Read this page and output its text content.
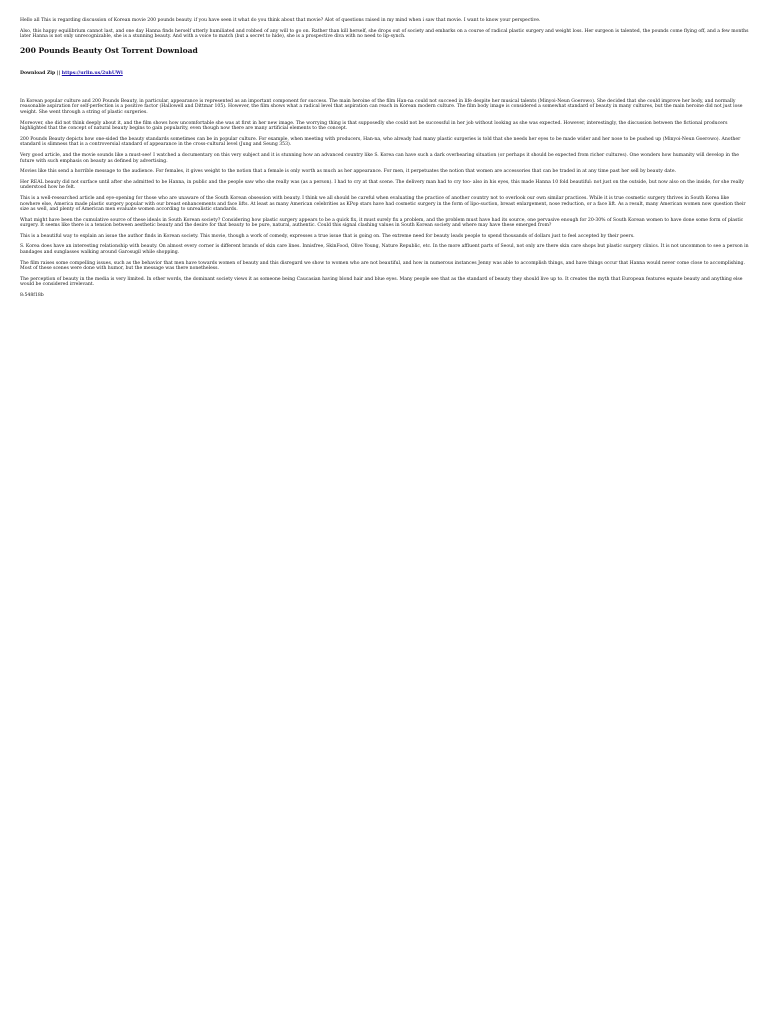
Hello all This is regarding discussion of Korean movie 200 pounds beauty. if you have seen it what do you think about that movie? Alot of questions raised in my mind when i saw that movie. I want to know your perspective.

Also, this happy equilibrium cannot last, and one day Hanna finds herself utterly humiliated and robbed of any will to go on. Rather than kill herself, she drops out of society and embarks on a course of radical plastic surgery and weight loss. Her surgeon is talented, the pounds come flying off, and a few months later Hanna is not only unrecognizable, she is a stunning beauty. And with a voice to match (but a secret to hide), she is a prospective diva with no need to lip-synch.

200 Pounds Beauty Ost Torrent Download
Download Zip || https://urlin.us/2uhUWi

In Korean popular culture and 200 Pounds Beauty, in particular, appearance is represented as an important component for success. The main heroine of the film Han-na could not succeed in life despite her musical talents (Minyoi-Neun Goerowo). She decided that she could improve her body, and normally reasonable aspiration for self-perfection is a positive factor (Hallowell and Dittmar 105). However, the film shows what a radical level that aspiration can reach in Korean modern culture. The film body image is considered a somewhat standard of beauty in many cultures, but the main heroine did not just lose weight. She went through a string of plastic surgeries.

Moreover, she did not think deeply about it, and the film shows how uncomfortable she was at first in her new image. The worrying thing is that supposedly she could not be successful in her job without looking as she was expected. However, interestingly, the discussion between the fictional producers highlighted that the concept of natural beauty begins to gain popularity, even though now there are many artificial elements to the concept.

200 Pounds Beauty depicts how one-sided the beauty standards sometimes can be in popular culture. For example, when meeting with producers, Han-na, who already had many plastic surgeries is told that she needs her eyes to be made wider and her nose to be pushed up (Minyoi-Neun Goerowo). Another standard is slimness that is a controversial standard of appearance in the cross-cultural level (Jung and Seung 353).

Very good article, and the movie sounds like a must-see! I watched a documentary on this very subject and it is stunning how an advanced country like S. Korea can have such a dark overbearing situation (or perhaps it should be expected from richer cultures). One wonders how humanity will develop in the future with such emphasis on beauty as defined by advertising.

Movies like this send a horrible message to the audience. For females, it gives weight to the notion that a female is only worth as much as her appearance. For men, it perpetuates the notion that women are accessories that can be traded in at any time past her sell by beauty date.

Her REAL beauty did not surface until after she admitted to be Hanna, in public and the people saw who she really was (as a person). I had to cry at that scene. The delivery man had to cry too- also in his eyes, this made Hanna 10 fold beautiful: not just on the outside, but now also on the inside, for she really understood how he felt.

This is a well-researched article and eye-opening for those who are unaware of the South Korean obsession with beauty. I think we all should be careful when evaluating the practice of another country not to overlook our own similar practices. While it is true cosmetic surgery thrives in South Korea like nowhere else, America made plastic surgery popular with our breast enhancements and face lifts. At least as many American celebrities as KPop stars have had cosmetic surgery in the form of lipo-suction, breast enlargement, nose reduction, or a face lift. As a result, many American women now question their size as well, and plenty of American men evaluate women according to unrealistic standards.

What might have been the cumulative source of these ideals in South Korean society? Considering how plastic surgery appears to be a quick fix, it must surely fix a problem, and the problem must have had its source, one pervasive enough for 20-30% of South Korean women to have done some form of plastic surgery. It seems like there is a tension between aesthetic beauty and the desire for that beauty to be pure, natural, authentic. Could this signal clashing values in South Korean society and where may have these emerged from?

This is a beautiful way to explain an issue the author finds in Korean society. This movie, though a work of comedy, expresses a true issue that is going on. The extreme need for beauty leads people to spend thousands of dollars just to feel accepted by their peers.

S. Korea does have an interesting relationship with beauty. On almost every corner is different brands of skin care lines. Innisfree, SkinFood, Olive Young, Nature Republic, etc. In the more affluent parts of Seoul, not only are there skin care shops but plastic surgery clinics. It is not uncommon to see a person in bandages and sunglasses walking around Garosugil while shopping.

The film raises some compelling issues, such as the behavior that men have towards women of beauty and this disregard we show to women who are not beautiful, and how in numerous instances Jenny was able to accomplish things, and have things occur that Hanna would never come close to accomplishing. Most of these scenes were done with humor, but the message was there nonetheless.

The perception of beauty in the media is very limited. In other words, the dominant society views it as someone being Caucasian having blond hair and blue eyes. Many people see that as the standard of beauty they should live up to. It creates the myth that European features equate beauty and anything else would be considered irrelevant.

8:548f18b
